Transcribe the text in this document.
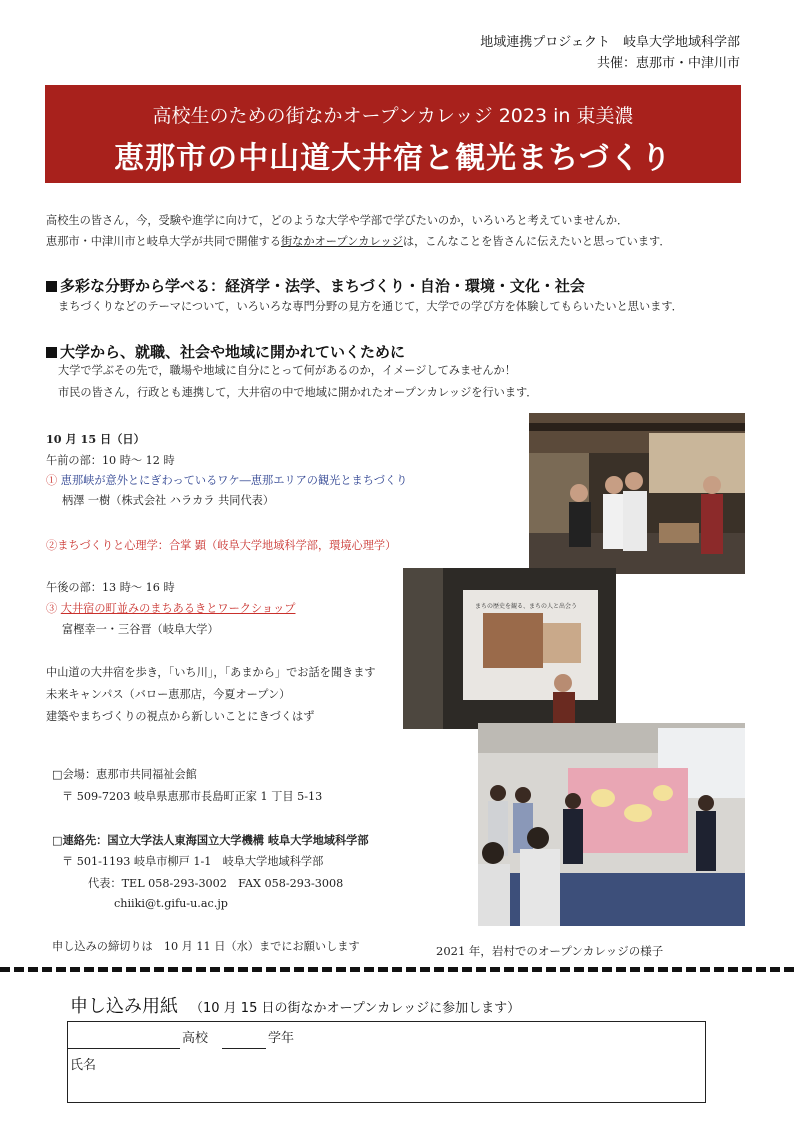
地域連携プロジェクト　岐阜大学地域科学部
共催：恵那市・中津川市
高校生のための街なかオープンカレッジ 2023 in 東美濃
恵那市の中山道大井宿と観光まちづくり
高校生の皆さん，今，受験や進学に向けて，どのような大学や学部で学びたいのか，いろいろと考えていませんか．
恵那市・中津川市と岐阜大学が共同で開催する街なかオープンカレッジは，こんなことを皆さんに伝えたいと思っています．
多彩な分野から学べる：経済学・法学、まちづくり・自治・環境・文化・社会
まちづくりなどのテーマについて，いろいろな専門分野の見方を通じて，大学での学び方を体験してもらいたいと思います．
大学から、就職、社会や地域に開かれていくために
大学で学ぶその先で，職場や地域に自分にとって何があるのか，イメージしてみませんか！
市民の皆さん，行政とも連携して，大井宿の中で地域に開かれたオープンカレッジを行います．
10 月 15 日（日）
午前の部：10 時～ 12 時
① 恵那峡が意外とにぎわっているワケ―恵那エリアの観光とまちづくり
柄澤 一樹（株式会社 ハラカラ 共同代表）
②まちづくりと心理学：合掌 顕（岐阜大学地域科学部，環境心理学）
午後の部：13 時～ 16 時
③ 大井宿の町並みのまちあるきとワークショップ
富樫幸一・三谷晋（岐阜大学）
中山道の大井宿を歩き，「いち川」，「あまから」でお話を聞きます
未来キャンパス（バロー恵那店，今夏オープン）
建築やまちづくりの視点から新しいことにきづくはず
□会場：恵那市共同福祉会館
〒 509-7203 岐阜県恵那市長島町正家 1 丁目 5-13
□連絡先：国立大学法人東海国立大学機構 岐阜大学地域科学部
〒 501-1193 岐阜市柳戸 1-1　岐阜大学地域科学部
代表：TEL 058-293-3002　FAX 058-293-3008
chiiki@t.gifu-u.ac.jp
申し込みの締切りは　10 月 11 日（水）までにお願いします
まちの歴史を観る、まちの人と出会う
2021 年，岩村でのオープンカレッジの様子
申し込み用紙 （10 月 15 日の街なかオープンカレッジに参加します）
高校	学年
氏名
